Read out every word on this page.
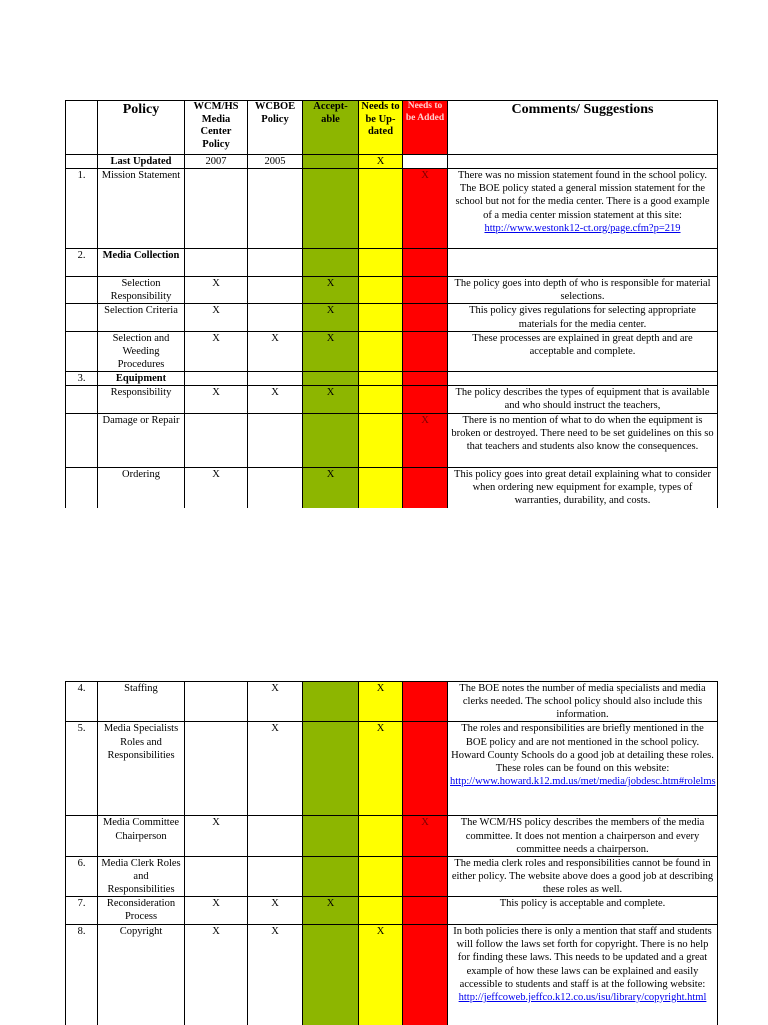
	Policy	WCM/HS Media Center Policy	WCBOE Policy	Accept-able	Needs to be Up-dated	Needs to be Added	Comments/ Suggestions
	Last Updated	2007	2005		X		
1.	Mission Statement					X	There was no mission statement found in the school policy. The BOE policy stated a general mission statement for the school but not for the media center. There is a good example of a media center mission statement at this site:
http://www.westonk12-ct.org/page.cfm?p=219
2.	Media Collection						
	Selection Responsibility	X		X			The policy goes into depth of who is responsible for material selections.
	Selection Criteria	X		X			This policy gives regulations for selecting appropriate materials for the media center.
	Selection and Weeding Procedures	X	X	X			These processes are explained in great depth and are acceptable and complete.
3.	Equipment						
	Responsibility	X	X	X			The policy describes the types of equipment that is available and who should instruct the teachers,
	Damage or Repair					X	There is no mention of what to do when the equipment is broken or destroyed. There need to be set guidelines on this so that teachers and students also know the consequences.
	Ordering	X		X			This policy goes into great detail explaining what to consider when ordering new equipment for example, types of warranties, durability, and costs.
4.	Staffing		X		X		The BOE notes the number of media specialists and media clerks needed. The school policy should also include this information.
5.	Media Specialists Roles and Responsibilities		X		X		The roles and responsibilities are briefly mentioned in the BOE policy and are not mentioned in the school policy. Howard County Schools do a good job at detailing these roles. These roles can be found on this website:
http://www.howard.k12.md.us/met/media/jobdesc.htm#rolelms
	Media Committee Chairperson	X				X	The WCM/HS policy describes the members of the media committee. It does not mention a chairperson and every committee needs a chairperson.
6.	Media Clerk Roles and Responsibilities						The media clerk roles and responsibilities cannot be found in either policy. The website above does a good job at describing these roles as well.
7.	Reconsideration Process	X	X	X			This policy is acceptable and complete.
8.	Copyright	X	X		X		In both policies there is only a mention that staff and students will follow the laws set forth for copyright. There is no help for finding these laws. This needs to be updated and a great example of how these laws can be explained and easily accessible to students and staff is at the following website:
http://jeffcoweb.jeffco.k12.co.us/isu/library/copyright.html
